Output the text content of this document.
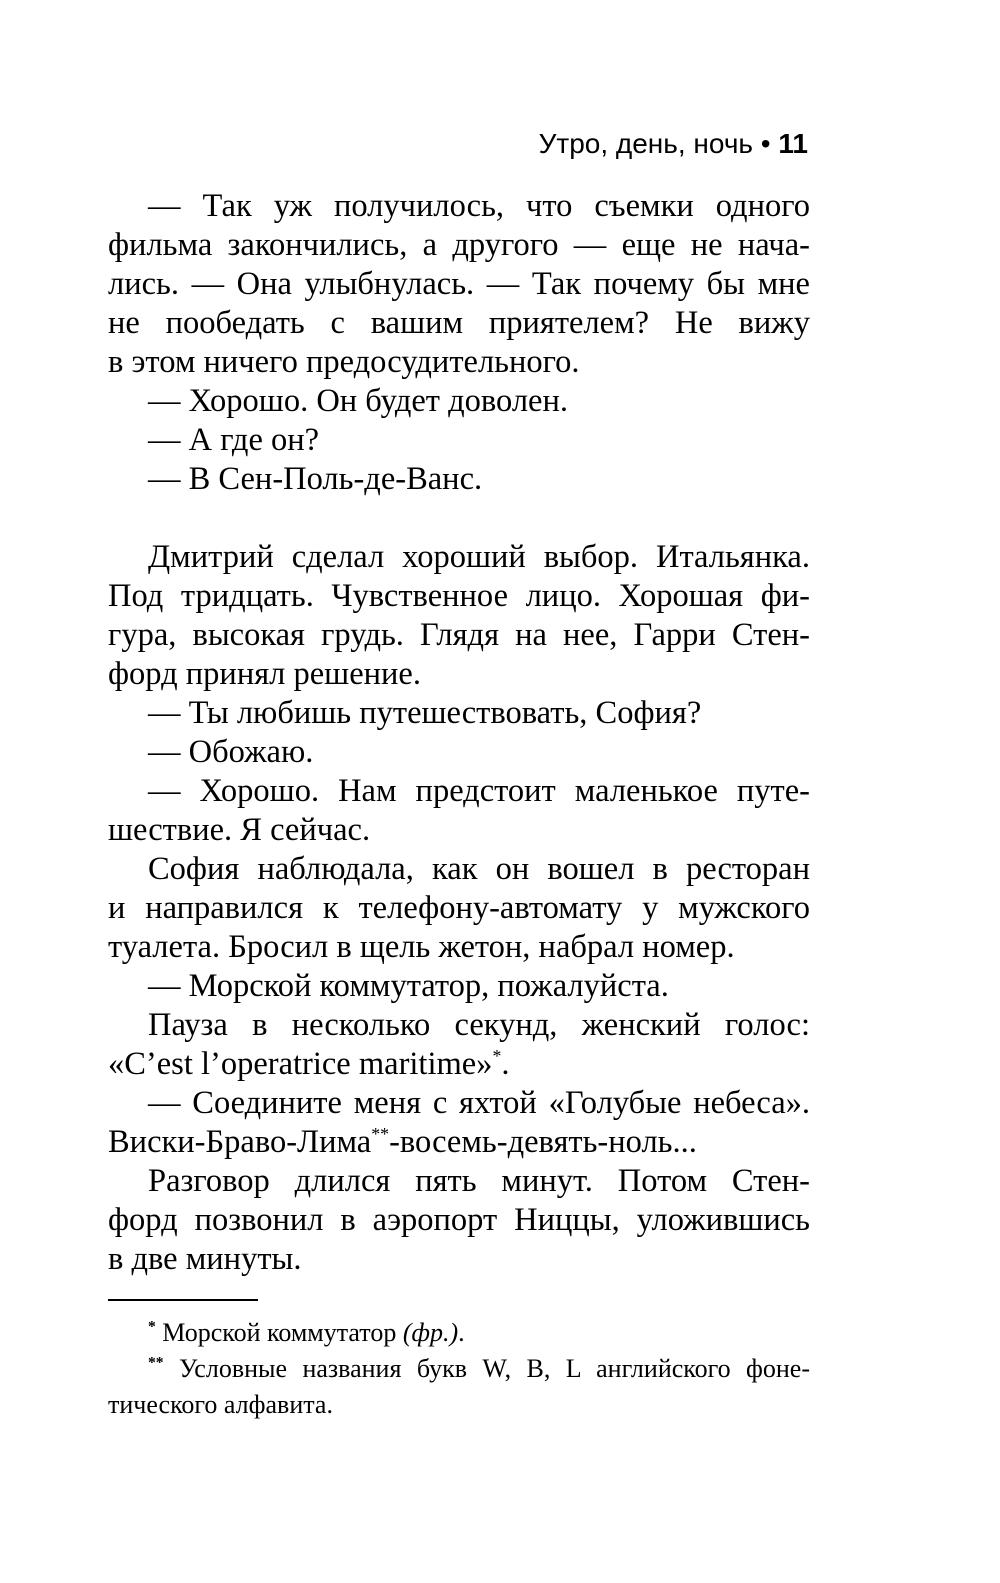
Утро, день, ночь • 11
— Так уж получилось, что съемки одного
фильма закончились, а другого — еще не нача-
лись. — Она улыбнулась. — Так почему бы мне
не пообедать с вашим приятелем? Не вижу
в этом ничего предосудительного.
— Хорошо. Он будет доволен.
— А где он?
— В Сен-Поль-де-Ванс.
Дмитрий сделал хороший выбор. Итальянка.
Под тридцать. Чувственное лицо. Хорошая фи-
гура, высокая грудь. Глядя на нее, Гарри Стен-
форд принял решение.
— Ты любишь путешествовать, София?
— Обожаю.
— Хорошо. Нам предстоит маленькое путе-
шествие. Я сейчас.
София наблюдала, как он вошел в ресторан
и направился к телефону-автомату у мужского
туалета. Бросил в щель жетон, набрал номер.
— Морской коммутатор, пожалуйста.
Пауза в несколько секунд, женский голос:
«C’est l’operatrice maritime»*.
— Соедините меня с яхтой «Голубые небеса».
Виски-Браво-Лима**-восемь-девять-ноль...
Разговор длился пять минут. Потом Стен-
форд позвонил в аэропорт Ниццы, уложившись
в две минуты.
* Морской коммутатор (фр.).
** Условные названия букв W, B, L английского фоне-
тического алфавита.
